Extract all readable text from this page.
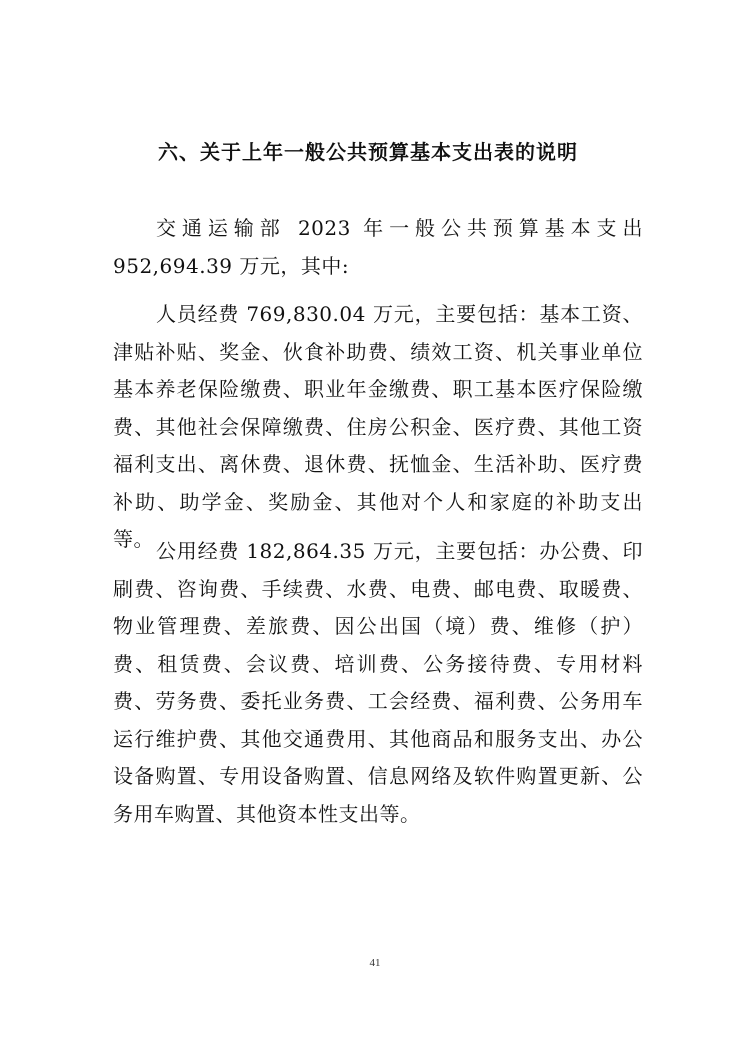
六、关于上年一般公共预算基本支出表的说明

交通运输部 2023 年一般公共预算基本支出 952,694.39 万元，其中:

人员经费 769,830.04 万元，主要包括：基本工资、津贴补贴、奖金、伙食补助费、绩效工资、机关事业单位基本养老保险缴费、职业年金缴费、职工基本医疗保险缴费、其他社会保障缴费、住房公积金、医疗费、其他工资福利支出、离休费、退休费、抚恤金、生活补助、医疗费补助、助学金、奖励金、其他对个人和家庭的补助支出等。 公用经费 182,864.35 万元，主要包括：办公费、印刷费、咨询费、手续费、水费、电费、邮电费、取暖费、物业管理费、差旅费、因公出国（境）费、维修（护）费、租赁费、会议费、培训费、公务接待费、专用材料费、劳务费、委托业务费、工会经费、福利费、公务用车运行维护费、其他交通费用、其他商品和服务支出、办公设备购置、专用设备购置、信息网络及软件购置更新、公务用车购置、其他资本性支出等。

41
